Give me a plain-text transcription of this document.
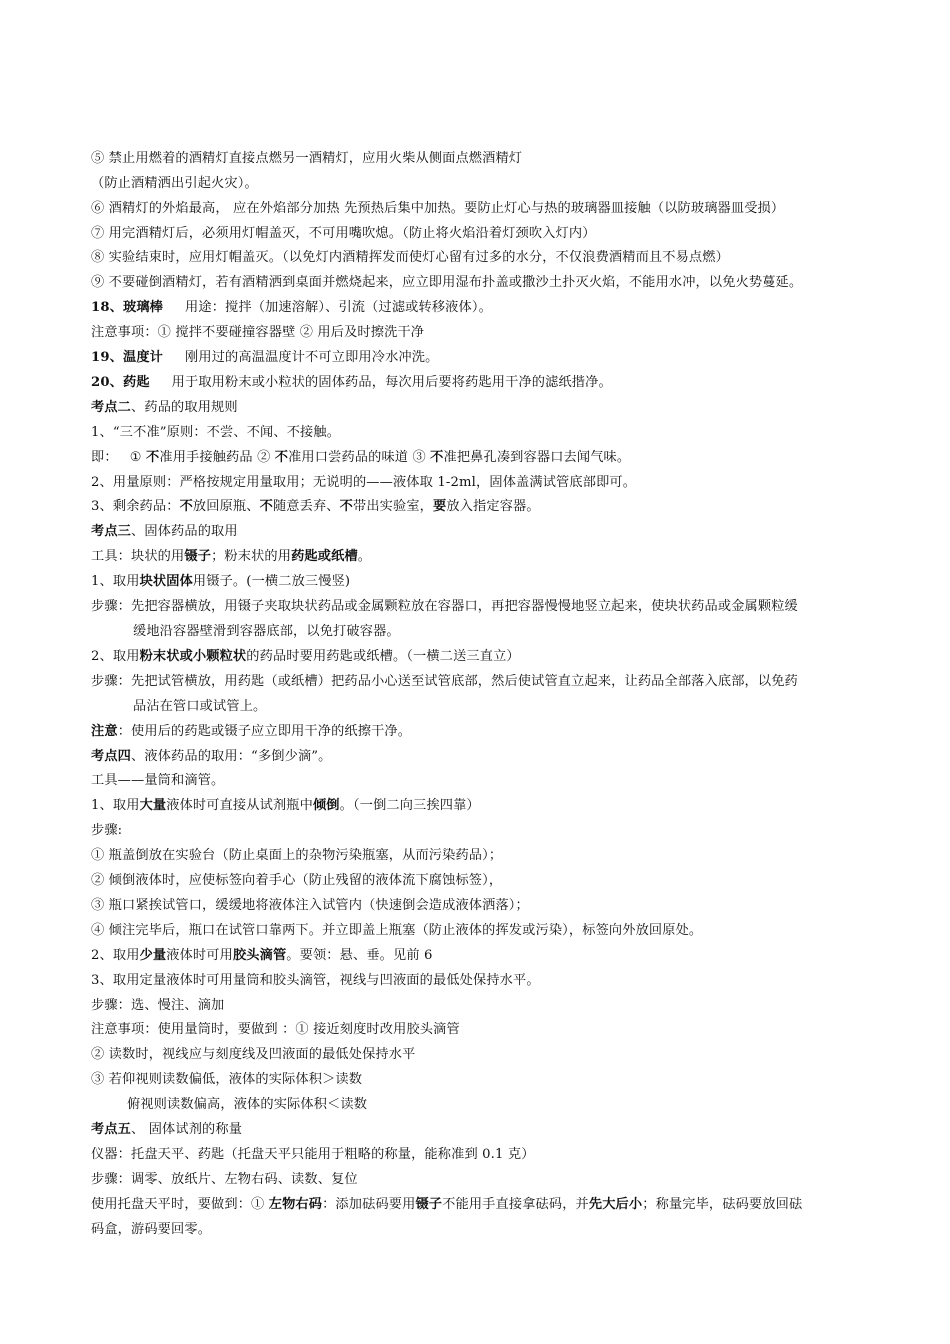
⑤ 禁止用燃着的酒精灯直接点燃另一酒精灯，应用火柴从侧面点燃酒精灯
（防止酒精洒出引起火灾）。
⑥ 酒精灯的外焰最高， 应在外焰部分加热 先预热后集中加热。要防止灯心与热的玻璃器皿接触（以防玻璃器皿受损）
⑦ 用完酒精灯后，必须用灯帽盖灭，不可用嘴吹熄。（防止将火焰沿着灯颈吹入灯内）
⑧ 实验结束时，应用灯帽盖灭。（以免灯内酒精挥发而使灯心留有过多的水分，不仅浪费酒精而且不易点燃）
⑨ 不要碰倒酒精灯，若有酒精洒到桌面并燃烧起来，应立即用湿布扑盖或撒沙土扑灭火焰，不能用水冲，以免火势蔓延。
18、玻璃棒 用途：搅拌（加速溶解）、引流（过滤或转移液体）。
注意事项：① 搅拌不要碰撞容器壁 ② 用后及时擦洗干净
19、温度计 刚用过的高温温度计不可立即用冷水冲洗。
20、药匙 用于取用粉末或小粒状的固体药品，每次用后要将药匙用干净的滤纸揩净。
考点二、药品的取用规则
1、“三不准”原则：不尝、不闻、不接触。
即： ① 不准用手接触药品 ② 不准用口尝药品的味道 ③ 不准把鼻孔凑到容器口去闻气味。
2、用量原则：严格按规定用量取用；无说明的——液体取 1-2ml，固体盖满试管底部即可。
3、剩余药品：不放回原瓶、不随意丢弃、不带出实验室，要放入指定容器。
考点三、固体药品的取用
工具：块状的用镊子；粉末状的用药匙或纸槽。
1、取用块状固体用镊子。(一横二放三慢竖)
步骤：先把容器横放，用镊子夹取块状药品或金属颗粒放在容器口，再把容器慢慢地竖立起来，使块状药品或金属颗粒缓
缓地沿容器壁滑到容器底部，以免打破容器。
2、取用粉末状或小颗粒状的药品时要用药匙或纸槽。（一横二送三直立）
步骤：先把试管横放，用药匙（或纸槽）把药品小心送至试管底部，然后使试管直立起来，让药品全部落入底部，以免药
品沾在管口或试管上。
注意：使用后的药匙或镊子应立即用干净的纸擦干净。
考点四、液体药品的取用：“多倒少滴”。
工具——量筒和滴管。
1、取用大量液体时可直接从试剂瓶中倾倒。（一倒二向三挨四靠）
步骤:
① 瓶盖倒放在实验台（防止桌面上的杂物污染瓶塞，从而污染药品）；
② 倾倒液体时，应使标签向着手心（防止残留的液体流下腐蚀标签），
③ 瓶口紧挨试管口，缓缓地将液体注入试管内（快速倒会造成液体洒落）；
④ 倾注完毕后，瓶口在试管口靠两下。并立即盖上瓶塞（防止液体的挥发或污染），标签向外放回原处。
2、取用少量液体时可用胶头滴管。要领：悬、垂。见前 6
3、取用定量液体时可用量筒和胶头滴管，视线与凹液面的最低处保持水平。
步骤：选、慢注、滴加
注意事项：使用量筒时，要做到 ：① 接近刻度时改用胶头滴管
② 读数时，视线应与刻度线及凹液面的最低处保持水平
③ 若仰视则读数偏低，液体的实际体积＞读数
俯视则读数偏高，液体的实际体积＜读数
考点五、 固体试剂的称量
仪器：托盘天平、药匙（托盘天平只能用于粗略的称量，能称准到 0.1 克）
步骤：调零、放纸片、左物右码、读数、复位
使用托盘天平时，要做到：① 左物右码：添加砝码要用镊子不能用手直接拿砝码，并先大后小；称量完毕，砝码要放回砝
码盒，游码要回零。
